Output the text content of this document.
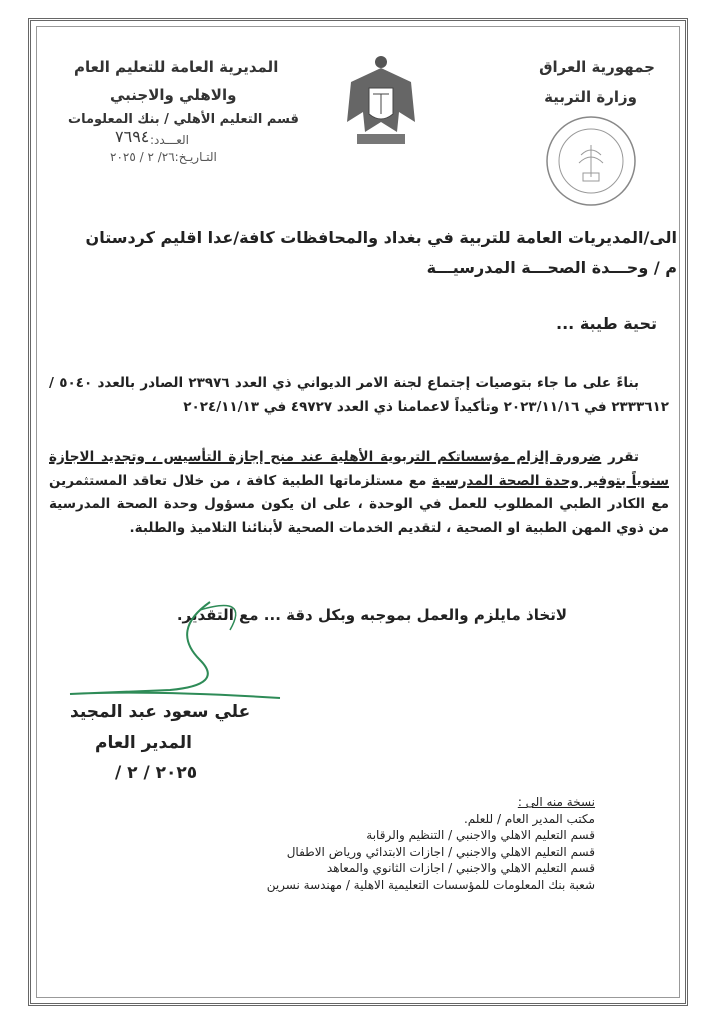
جمهورية العراق
وزارة التربية
المديرية العامة للتعليم العام
والاهلي والاجنبي
قسم التعليم الأهلي / بنك المعلومات
العـــدد:
٧٦٩٤
التـاريـخ:٢٦/ ٢ / ٢٠٢٥
الى/المديريات العامة للتربية في بغداد والمحافظات كافة/عدا اقليم كردستان
م / وحـــدة الصحـــة المدرسيـــة
تحية طيبة ...
بناءً على ما جاء بتوصيات إجتماع لجنة الامر الديواني ذي العدد ٢٣٩٧٦ الصادر بالعدد ٥٠٤٠ / ٢٣٣٣٦١٢ في ٢٠٢٣/١١/١٦ وتأكيداً لاعمامنا ذي العدد ٤٩٧٢٧ في ٢٠٢٤/١١/١٣
تقرر ضرورة إلزام مؤسساتكم التربوية الأهلية عند منح إجازة التأسيس ، وتجديد الاجازة سنوياً بتوفير وحدة الصحة المدرسية مع مستلزماتها الطبية كافة ، من خلال تعاقد المستثمرين مع الكادر الطبي المطلوب للعمل في الوحدة ، على ان يكون مسؤول وحدة الصحة المدرسية من ذوي المهن الطبية او الصحية ، لتقديم الخدمات الصحية لأبنائنا التلاميذ والطلبة.
لاتخاذ مايلزم والعمل بموجبه وبكل دقة ... مع التقدير.
علي سعود عبد المجيد
المدير العام
٢٠٢٥ / ٢ /
نسخة منه الى :
مكتب المدير العام / للعلم.
قسم التعليم الاهلي والاجنبي / التنظيم والرقابة
قسم التعليم الاهلي والاجنبي / اجازات الابتدائي ورياض الاطفال
قسم التعليم الاهلي والاجنبي / اجازات الثانوي والمعاهد
شعبة بنك المعلومات للمؤسسات التعليمية الاهلية / مهندسة نسرين
